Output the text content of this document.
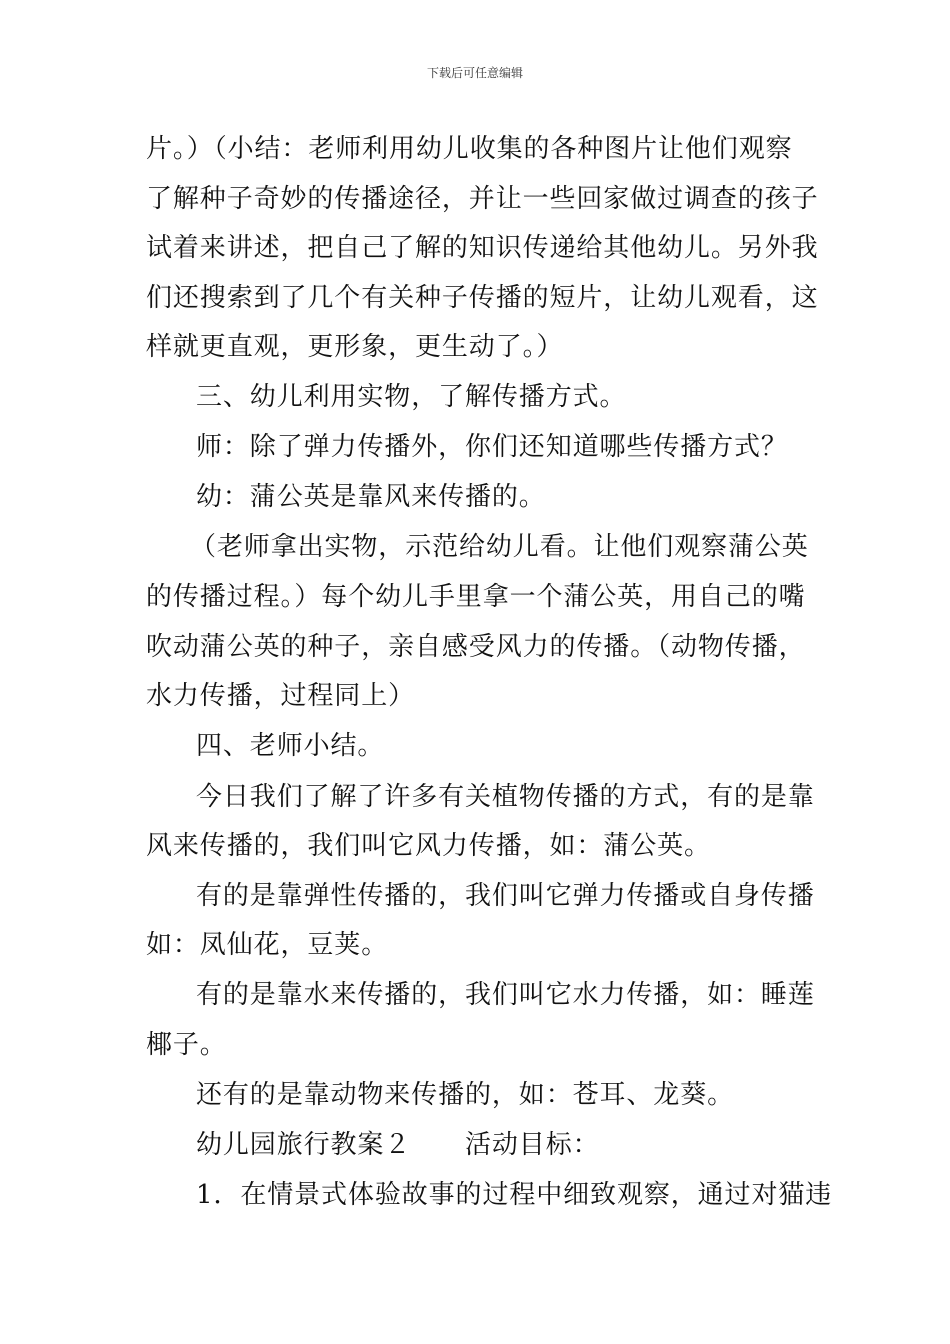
下载后可任意编辑
片。）（小结：老师利用幼儿收集的各种图片让他们观察
了解种子奇妙的传播途径，并让一些回家做过调查的孩子
试着来讲述，把自己了解的知识传递给其他幼儿。另外我
们还搜索到了几个有关种子传播的短片，让幼儿观看，这
样就更直观，更形象，更生动了。）
三、幼儿利用实物，了解传播方式。
师：除了弹力传播外，你们还知道哪些传播方式？
幼：蒲公英是靠风来传播的。
（老师拿出实物，示范给幼儿看。让他们观察蒲公英
的传播过程。）每个幼儿手里拿一个蒲公英，用自己的嘴
吹动蒲公英的种子，亲自感受风力的传播。（动物传播，
水力传播，过程同上）
四、老师小结。
今日我们了解了许多有关植物传播的方式，有的是靠
风来传播的，我们叫它风力传播，如：蒲公英。
有的是靠弹性传播的，我们叫它弹力传播或自身传播
如：凤仙花，豆荚。
有的是靠水来传播的，我们叫它水力传播，如：睡莲
椰子。
还有的是靠动物来传播的，如：苍耳、龙葵。
幼儿园旅行教案２　　活动目标：
1．在情景式体验故事的过程中细致观察，通过对猫违
